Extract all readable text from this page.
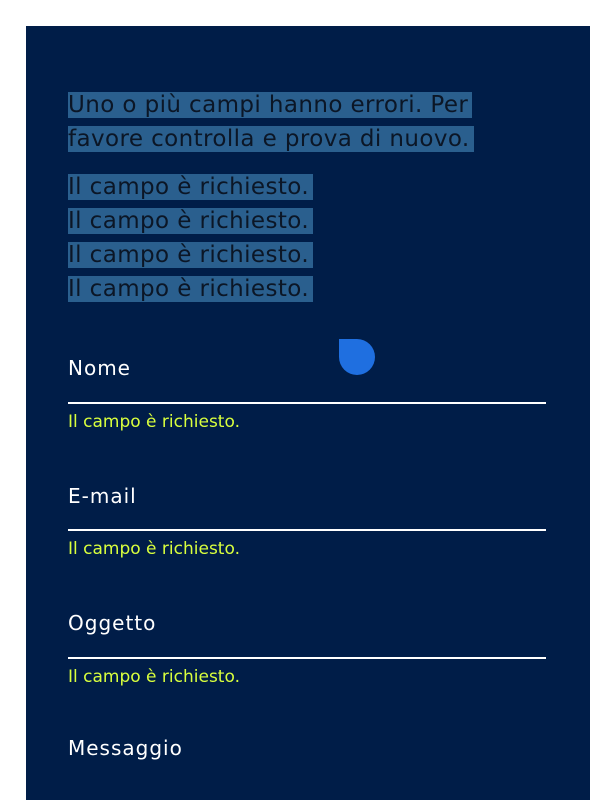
Uno o più campi hanno errori. Per favore controlla e prova di nuovo.
Il campo è richiesto.
Il campo è richiesto.
Il campo è richiesto.
Il campo è richiesto.
Nome
Il campo è richiesto.
E-mail
Il campo è richiesto.
Oggetto
Il campo è richiesto.
Messaggio
